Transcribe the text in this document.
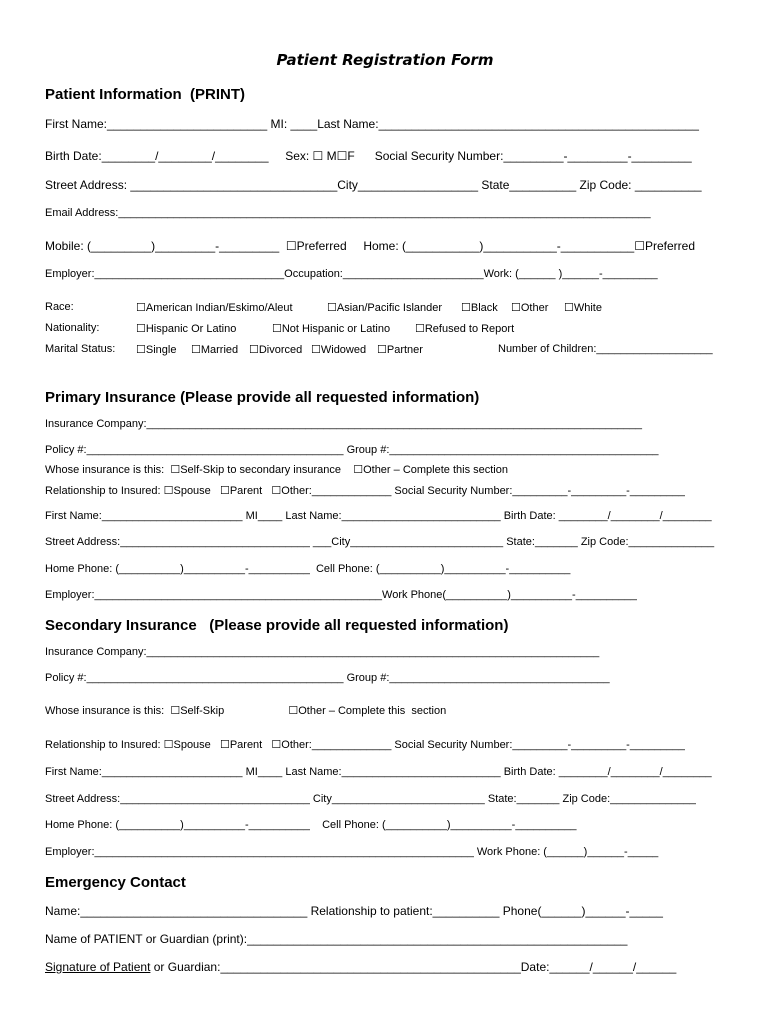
Patient Registration Form
Patient Information  (PRINT)
First Name:________________________ MI: ____Last Name:________________________________________________
Birth Date:________/________/________     Sex: ☐ M☐F      Social Security Number:_________-_________-_________
Street Address: _______________________________City__________________ State__________ Zip Code: __________
Email Address:_______________________________________________________________________________________
Mobile: (_________)_________-_________  ☐Preferred     Home: (___________)___________-___________☐Preferred
Employer:_______________________________Occupation:_______________________Work: (______ )______-_________
Race:	☐American Indian/Eskimo/Aleut	☐Asian/Pacific Islander ☐Black ☐Other ☐White
Nationality:	☐Hispanic Or Latino	☐Not Hispanic or Latino ☐Refused to Report
Marital Status: ☐Single ☐Married ☐Divorced ☐Widowed ☐Partner	Number of Children:___________________
Primary Insurance (Please provide all requested information)
Insurance Company:_________________________________________________________________________________
Policy #:__________________________________________ Group #:____________________________________________
Whose insurance is this:  ☐Self-Skip to secondary insurance    ☐Other – Complete this section
Relationship to Insured: ☐Spouse   ☐Parent   ☐Other:_____________ Social Security Number:_________-_________-_________
First Name:_______________________ MI____ Last Name:__________________________ Birth Date: ________/________/________
Street Address:_______________________________ ___City_________________________ State:_______ Zip Code:______________
Home Phone: (__________)__________-__________  Cell Phone: (__________)__________-__________
Employer:_______________________________________________Work Phone(__________)__________-__________
Secondary Insurance   (Please provide all requested information)
Insurance Company:__________________________________________________________________________
Policy #:__________________________________________ Group #:____________________________________
Whose insurance is this:  ☐Self-Skip                     ☐Other – Complete this  section
Relationship to Insured: ☐Spouse   ☐Parent   ☐Other:_____________ Social Security Number:_________-_________-_________
First Name:_______________________ MI____ Last Name:__________________________ Birth Date: ________/________/________
Street Address:_______________________________ City_________________________ State:_______ Zip Code:______________
Home Phone: (__________)__________-__________    Cell Phone: (__________)__________-__________
Employer:______________________________________________________________ Work Phone: (______)______-_____
Emergency Contact
Name:__________________________________ Relationship to patient:__________ Phone(______)______-_____
Name of PATIENT or Guardian (print):_________________________________________________________
Signature of Patient or Guardian:_____________________________________________Date:______/______/______
